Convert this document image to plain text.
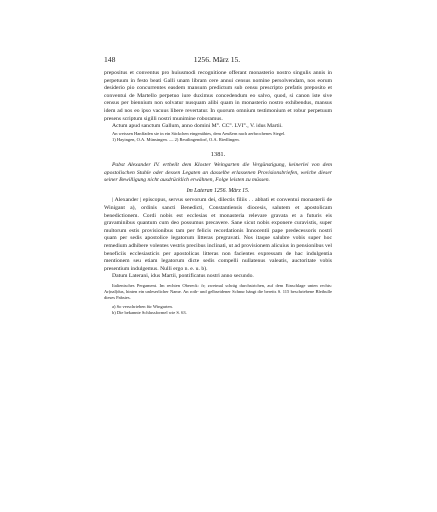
148	1256. März 15.

prepositus et conventus pro huiusmodi recognitione offerant monasterio nostro singulis annis in perpetuum in festo beati Galli unam libram cere annui census nomine persolvendam, nos eorum desiderio pio concurrentes easdem mansum predictum sub censu prescripto prefatis preposito et conventui de Martello perpetuo iure duximus concedendum eo salvo, quod, si canon iste sive census per biennium non solvatur nusquam alibi quam in monasterio nostro exhibendus, mansus idem ad nos eo ipso vacuus libere revertatur. In quorum omnium testimonium et robur perpetuum presens scriptum sigilli nostri munimine roboramus.

Actum apud sanctum Gallum, anno domini M°. CC°. LVI°., V. idus Martii.

An weissen Hanffaden sie in ein Säckchen eingenähtes, dem Aeußern nach aerbrochenes Siegel.

1) Hayingen, O.A. Münsingen. — 2) Reutlingendorf, O.A. Riedlingen.

1381.

Pabst Alexander IV. ertheilt dem Kloster Weingarten die Vergünstigung, keinerlei von dem apostolischen Stuhle oder dessen Legaten an dasselbe erlassenen Provisionsbriefen, welche dieser seiner Bewilligung nicht ausdrücklich erwähnen, Folge leisten zu müssen.

Im Lateran 1256. März 15.

| Alexander | episcopus, servus servorum dei, dilectis filiis . . abbati et conventui monasterii de Winigant a), ordinis sancti Benedicti, Constantiensis diocesis, salutem et apostolicam benedictionem. Cordi nobis est ecclesias et monasteria relevare gravata et a futuris eis gravaminibus quantum cum deo possumus precavere. Sane sicut nobis exponere curavistis, super multorum estis provisionibus tam per felicis recordationis Innocentii pape predecessoris nostri quam per sedis apostolice legatorum litteras pregravati. Nos itaque salubre vobis super hoc remedium adhibere volentes vestris precibus inclinati, ut ad provisionem alicuius in pensionibus vel beneficiis ecclesiasticis per apostolicas litteras non facientes expressam de hac indulgentia mentionem seu etiam legatorum dicte sedis compelli nullatenus valeatis, auctoritate vobis presentium indulgemus. Nulli ergo n. e. u. b).

Datum Laterani, idus Martii, pontificatus nostri anno secundo.

Italienisches Pergament. Im rechten Obereck: fr; zweimal schräg durchstrichen, auf dem Einschlage unten rechts: Ar(nal)dus, hinten ein unleserlicher Name. An roth- und gelbseidener Schnur hängt die bereits S. 115 beschriebene Bleibulle dieses Pabstes.

a) So verschrieben für Wingarten.

b) Die bekannte Schlussformel wie S. 63.
